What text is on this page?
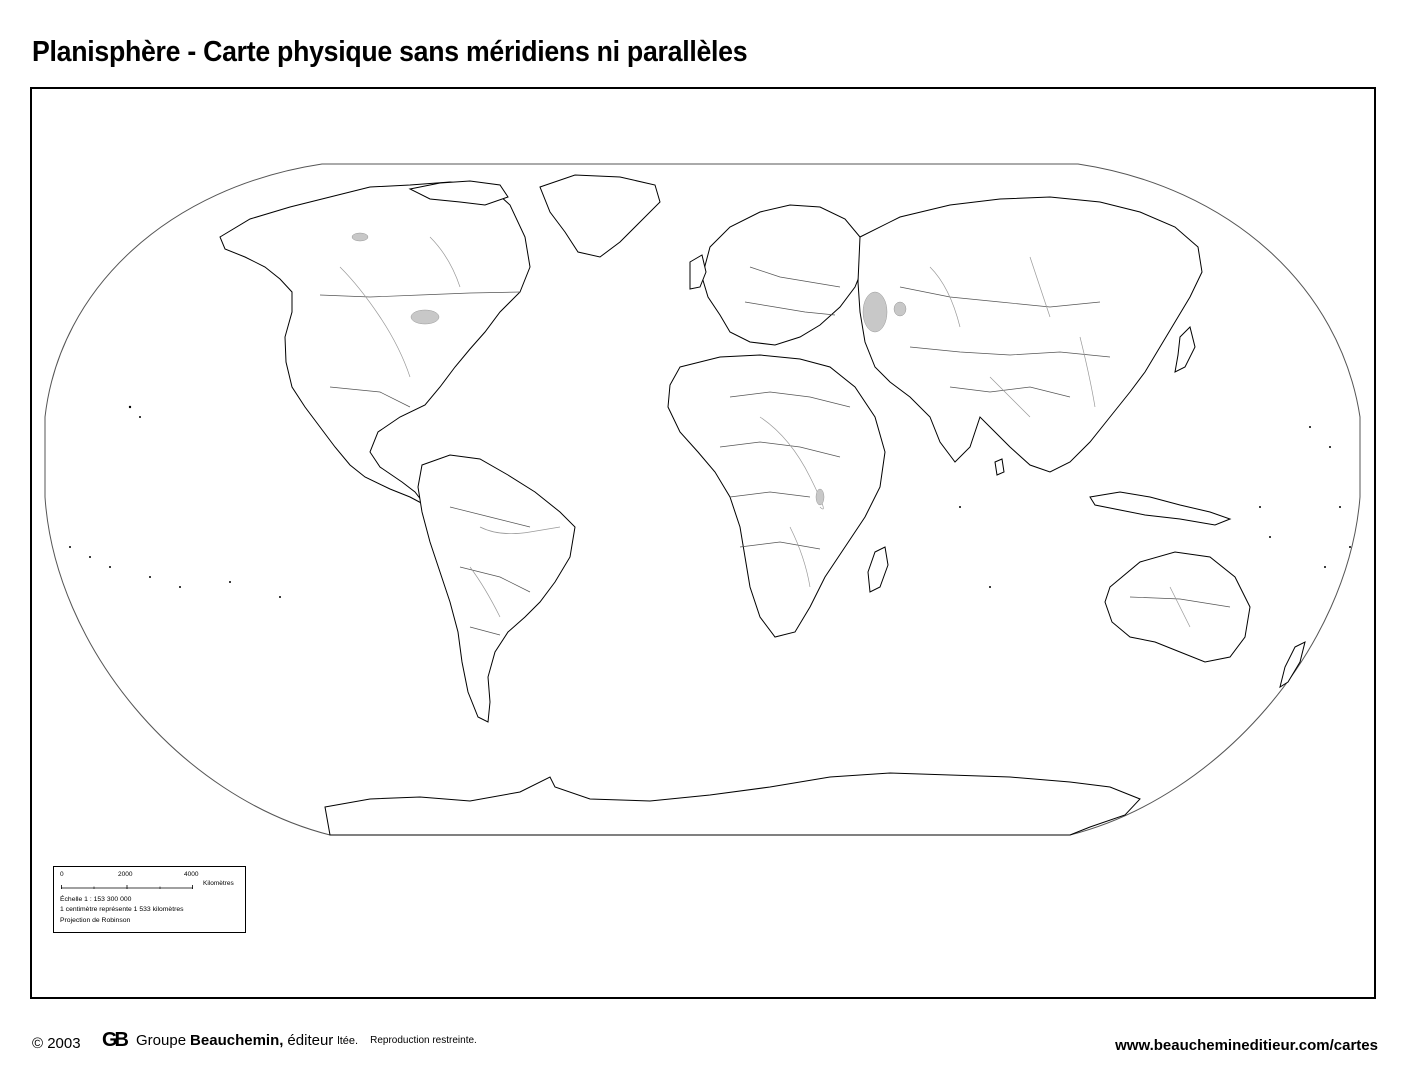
Planisphère - Carte physique sans méridiens ni parallèles
0	2000	4000
Kilomètres
Échelle 1 : 153 300 000
1 centimètre représente 1 533 kilomètres
Projection de Robinson
© 2003 GB Groupe Beauchemin, éditeur ltée. Reproduction restreinte.	www.beauchemineditieur.com/cartes
